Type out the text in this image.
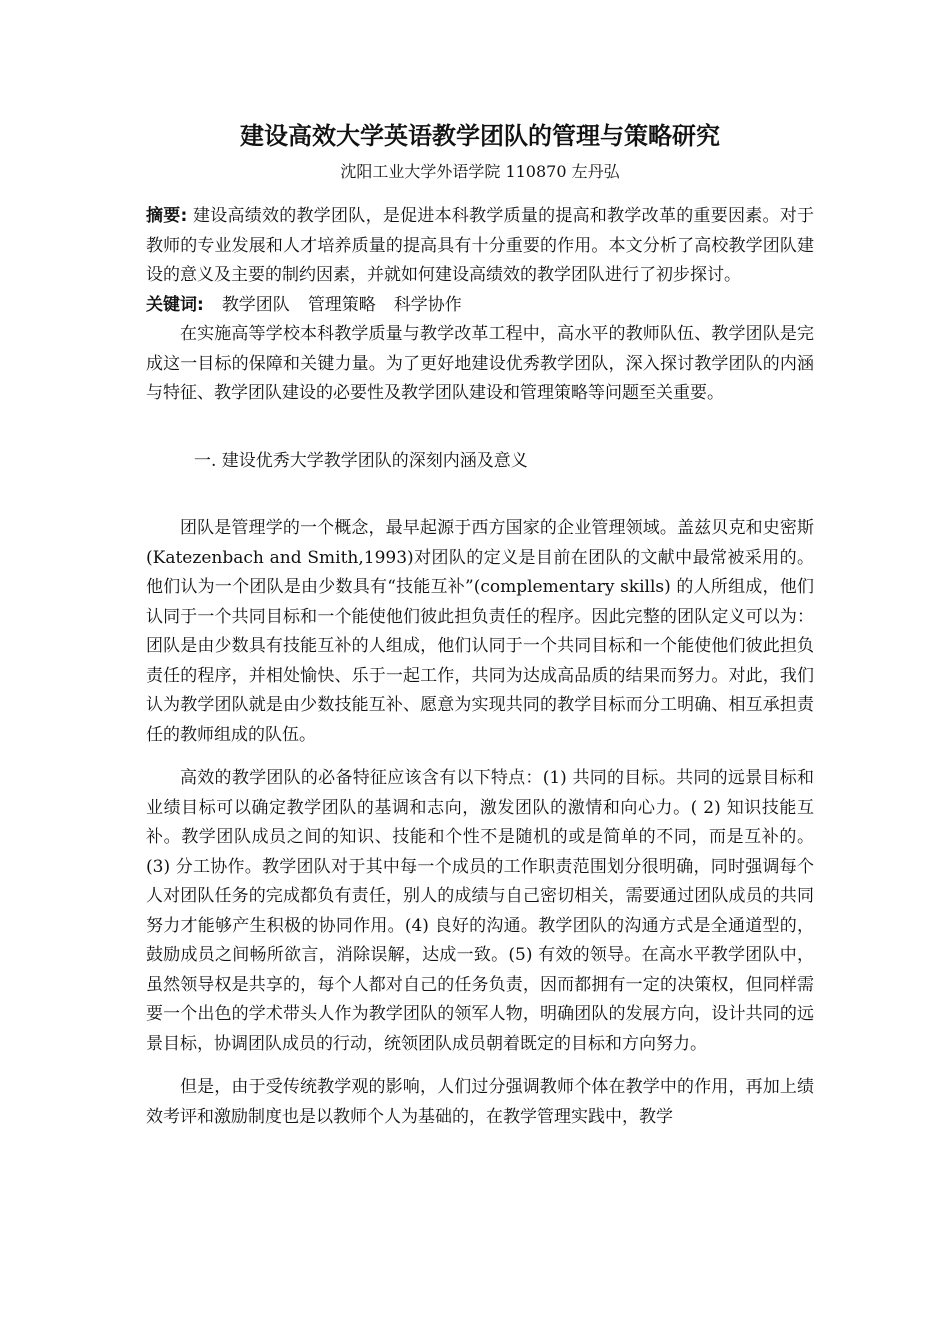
建设高效大学英语教学团队的管理与策略研究
沈阳工业大学外语学院 110870 左丹弘

摘要: 建设高绩效的教学团队，是促进本科教学质量的提高和教学改革的重要因素。对于教师的专业发展和人才培养质量的提高具有十分重要的作用。本文分析了高校教学团队建设的意义及主要的制约因素，并就如何建设高绩效的教学团队进行了初步探讨。

关键词: 教学团队 管理策略 科学协作

在实施高等学校本科教学质量与教学改革工程中，高水平的教师队伍、教学团队是完成这一目标的保障和关键力量。为了更好地建设优秀教学团队，深入探讨教学团队的内涵与特征、教学团队建设的必要性及教学团队建设和管理策略等问题至关重要。

一. 建设优秀大学教学团队的深刻内涵及意义

团队是管理学的一个概念，最早起源于西方国家的企业管理领域。盖兹贝克和史密斯(Katezenbach and Smith,1993)对团队的定义是目前在团队的文献中最常被采用的。他们认为一个团队是由少数具有“技能互补”(complementary skills) 的人所组成，他们认同于一个共同目标和一个能使他们彼此担负责任的程序。因此完整的团队定义可以为：团队是由少数具有技能互补的人组成，他们认同于一个共同目标和一个能使他们彼此担负责任的程序，并相处愉快、乐于一起工作，共同为达成高品质的结果而努力。对此，我们认为教学团队就是由少数技能互补、愿意为实现共同的教学目标而分工明确、相互承担责任的教师组成的队伍。

高效的教学团队的必备特征应该含有以下特点：(1) 共同的目标。共同的远景目标和业绩目标可以确定教学团队的基调和志向，激发团队的激情和向心力。( 2) 知识技能互补。教学团队成员之间的知识、技能和个性不是随机的或是简单的不同，而是互补的。(3) 分工协作。教学团队对于其中每一个成员的工作职责范围划分很明确，同时强调每个人对团队任务的完成都负有责任，别人的成绩与自己密切相关，需要通过团队成员的共同努力才能够产生积极的协同作用。(4) 良好的沟通。教学团队的沟通方式是全通道型的，鼓励成员之间畅所欲言，消除误解，达成一致。(5) 有效的领导。在高水平教学团队中，虽然领导权是共享的，每个人都对自己的任务负责，因而都拥有一定的决策权，但同样需要一个出色的学术带头人作为教学团队的领军人物，明确团队的发展方向，设计共同的远景目标，协调团队成员的行动，统领团队成员朝着既定的目标和方向努力。

但是，由于受传统教学观的影响，人们过分强调教师个体在教学中的作用，再加上绩效考评和激励制度也是以教师个人为基础的，在教学管理实践中，教学
